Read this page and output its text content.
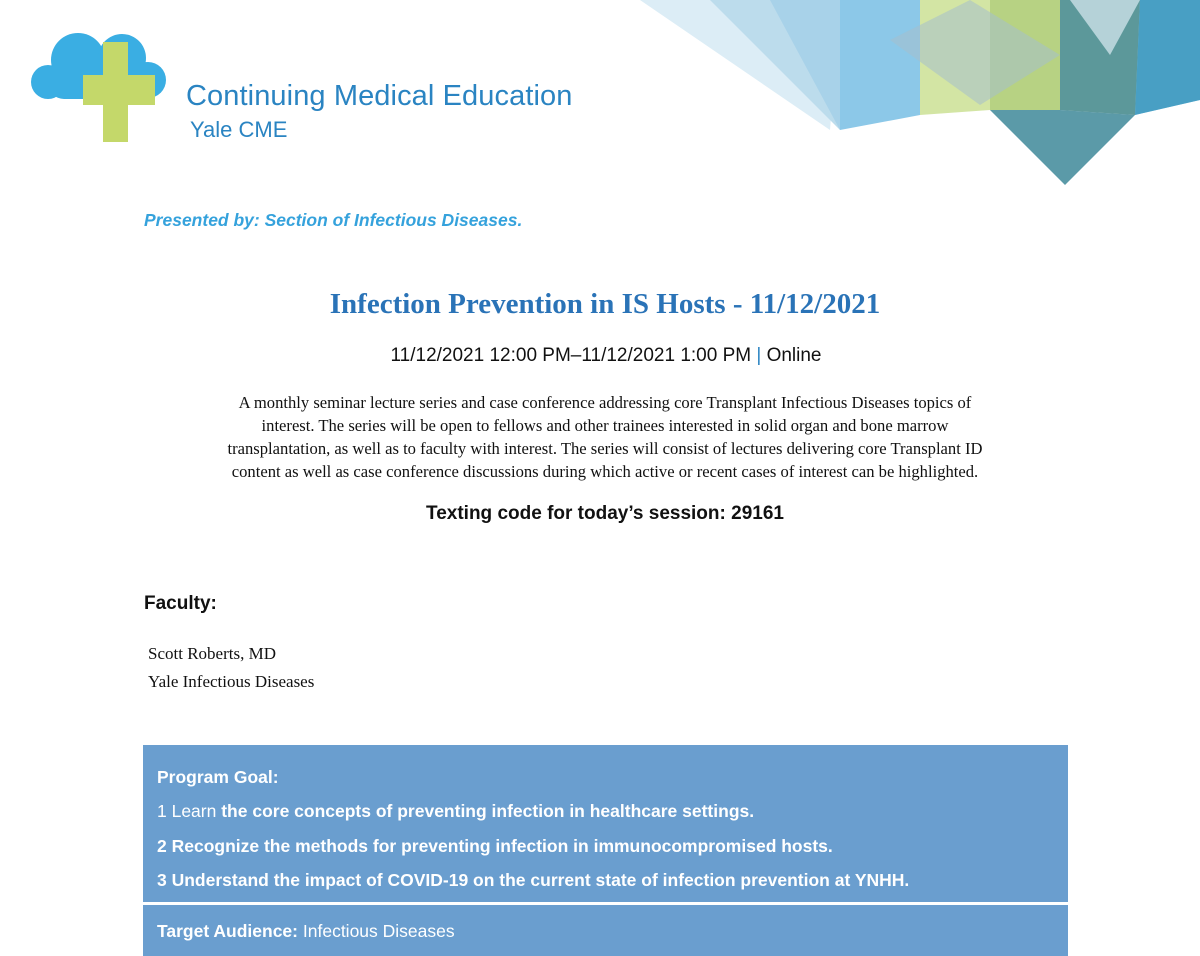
Continuing Medical Education
Yale CME
Presented by: Section of Infectious Diseases.
Infection Prevention in IS Hosts - 11/12/2021
11/12/2021 12:00 PM–11/12/2021 1:00 PM | Online
A monthly seminar lecture series and case conference addressing core Transplant Infectious Diseases topics of
interest. The series will be open to fellows and other trainees interested in solid organ and bone marrow
transplantation, as well as to faculty with interest. The series will consist of lectures delivering core Transplant ID
content as well as case conference discussions during which active or recent cases of interest can be highlighted.
Texting code for today’s session: 29161
Faculty:
Scott Roberts, MD
Yale Infectious Diseases
Program Goal:
1 Learn the core concepts of preventing infection in healthcare settings.
2 Recognize the methods for preventing infection in immunocompromised hosts.
3 Understand the impact of COVID-19 on the current state of infection prevention at YNHH.
Target Audience: Infectious Diseases
